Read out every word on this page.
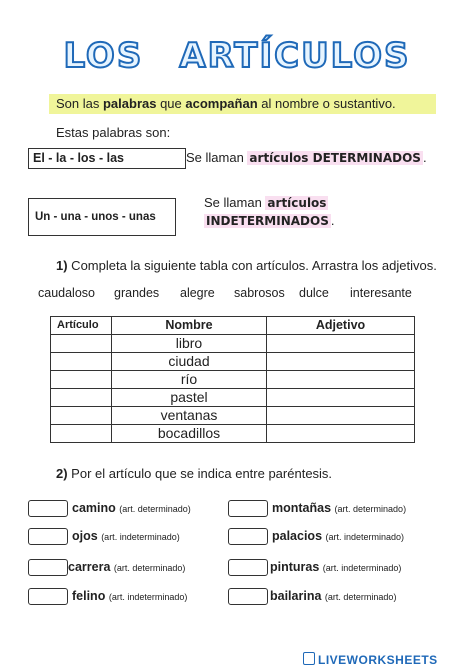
LOS ARTÍCULOS
Son las palabras que acompañan al nombre o sustantivo.
Estas palabras son:
El - la - los - las	Se llaman artículos DETERMINADOS .
Un - una - unos - unas
Se llaman artículos
INDETERMINADOS .
1) Completa la siguiente tabla con artículos. Arrastra los adjetivos.
caudaloso grandes alegre sabrosos dulce interesante
Artículo	Nombre	Adjetivo
	libro	
	ciudad	
	río	
	pastel	
	ventanas	
	bocadillos	
2) Por el artículo que se indica entre paréntesis.
camino (art. determinado)
ojos (art. indeterminado)
carrera (art. determinado)
felino (art. indeterminado)
montañas (art. determinado)
palacios (art. indeterminado)
pinturas (art. indeterminado)
bailarina (art. determinado)
LIVEWORKSHEETS
